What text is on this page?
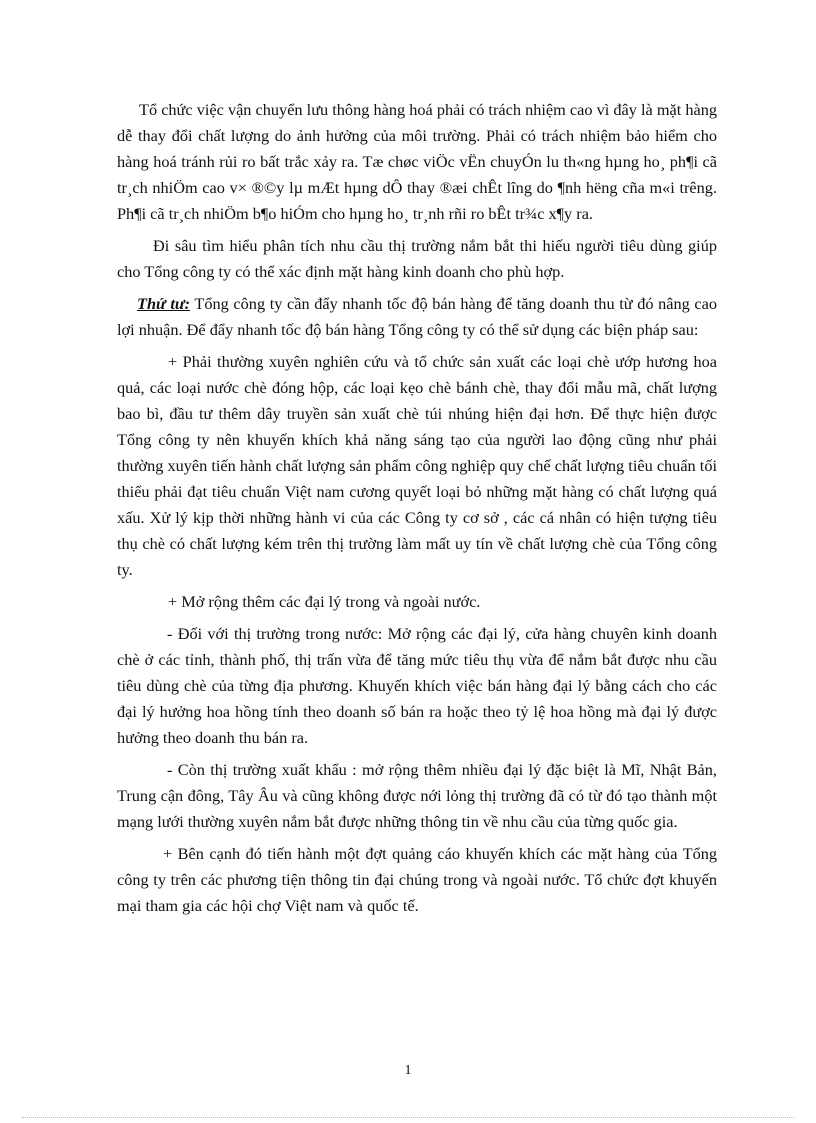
Tổ chức việc vận chuyển lưu thông hàng hoá phải có trách nhiệm cao vì đây là mặt hàng dễ thay đổi chất lượng do ảnh hưởng của môi trường. Phải có trách nhiệm bảo hiểm cho hàng hoá tránh rủi ro bất trắc xảy ra. Tæ chøc viÖc vËn chuyÓn lu th«ng hµng ho¸ ph¶i cã tr¸ch nhiÖm cao v× ®©y lµ mÆt hµng dÔ thay ®æi chÊt lîng do ¶nh hëng cña m«i trêng. Ph¶i cã tr¸ch nhiÖm b¶o hiÓm cho hµng ho¸ tr¸nh rñi ro bÊt tr¾c x¶y ra.

Đi sâu tìm hiểu phân tích nhu cầu thị trường nắm bắt thi hiếu người tiêu dùng giúp cho Tổng công ty có thể xác định mặt hàng kinh doanh cho phù hợp.

Thứ tư: Tổng công ty cần đẩy nhanh tốc độ bán hàng để tăng doanh thu từ đó nâng cao lợi nhuận. Để đẩy nhanh tốc độ bán hàng Tổng công ty có thể sử dụng các biện pháp sau:

+ Phải thường xuyên nghiên cứu và tổ chức sản xuất các loại chè ướp hương hoa quả, các loại nước chè đóng hộp, các loại kẹo chè bánh chè, thay đổi mẫu mã, chất lượng bao bì, đầu tư thêm dây truyền sản xuất chè túi nhúng hiện đại hơn. Để thực hiện được Tổng công ty nên khuyến khích khả năng sáng tạo của người lao động cũng như phải thường xuyên tiến hành chất lượng sản phẩm công nghiệp quy chế chất lượng tiêu chuẩn tối thiểu phải đạt tiêu chuẩn Việt nam cương quyết loại bỏ những mặt hàng có chất lượng quá xấu. Xử lý kịp thời những hành vi của các Công ty cơ sở , các cá nhân có hiện tượng tiêu thụ chè có chất lượng kém trên thị trường làm mất uy tín về chất lượng chè của Tổng công ty.

+ Mở rộng thêm các đại lý trong và ngoài nước.

- Đối với thị trường trong nước: Mở rộng các đại lý, cửa hàng chuyên kinh doanh chè ở các tỉnh, thành phố, thị trấn vừa để tăng mức tiêu thụ vừa để nắm bắt được nhu cầu tiêu dùng chè của từng địa phương. Khuyến khích việc bán hàng đại lý bằng cách cho các đại lý hưởng hoa hồng tính theo doanh số bán ra hoặc theo tỷ lệ hoa hồng mà đại lý được hưởng theo doanh thu bán ra.

- Còn thị trường xuất khẩu : mở rộng thêm nhiều đại lý đặc biệt là Mĩ, Nhật Bản, Trung cận đông, Tây Âu và cũng không được nới lỏng thị trường đã có từ đó tạo thành một mạng lưới thường xuyên nắm bắt được những thông tin về nhu cầu của từng quốc gia.

+ Bên cạnh đó tiến hành một đợt quảng cáo khuyến khích các mặt hàng của Tổng công ty trên các phương tiện thông tin đại chúng trong và ngoài nước. Tổ chức đợt khuyến mại tham gia các hội chợ Việt nam và quốc tế.

1
